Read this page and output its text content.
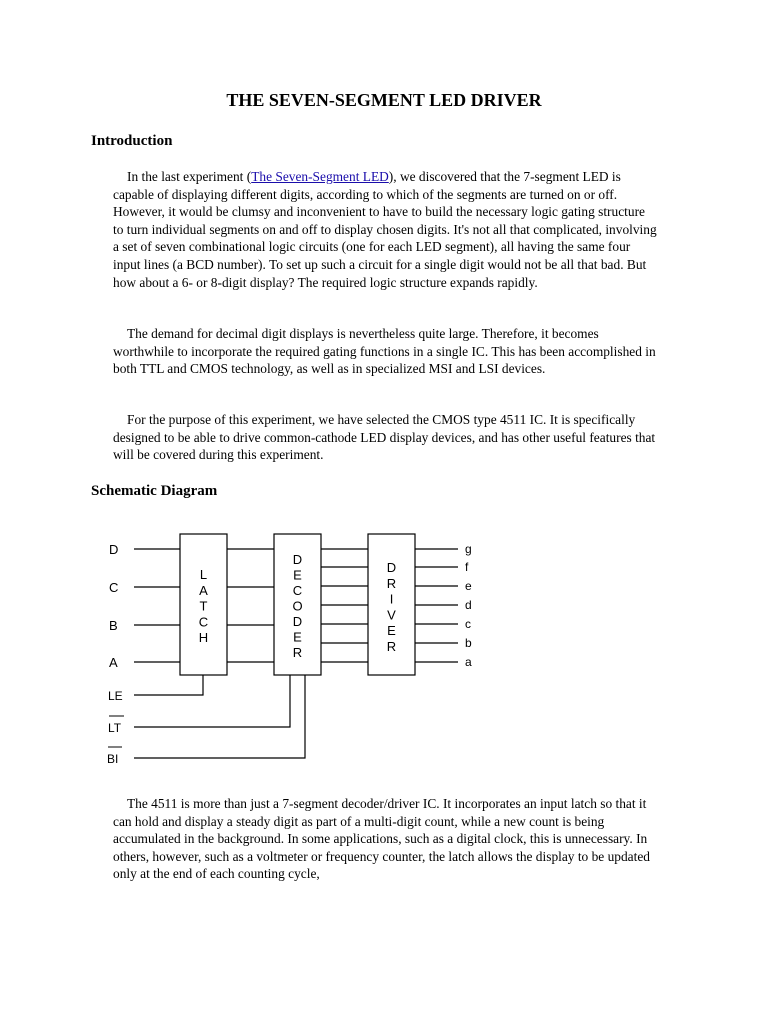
THE SEVEN-SEGMENT LED DRIVER
Introduction

In the last experiment (The Seven-Segment LED), we discovered that the 7-segment LED is capable of displaying different digits, according to which of the segments are turned on or off. However, it would be clumsy and inconvenient to have to build the necessary logic gating structure to turn individual segments on and off to display chosen digits. It's not all that complicated, involving a set of seven combinational logic circuits (one for each LED segment), all having the same four input lines (a BCD number). To set up such a circuit for a single digit would not be all that bad. But how about a 6- or 8-digit display? The required logic structure expands rapidly.

The demand for decimal digit displays is nevertheless quite large. Therefore, it becomes worthwhile to incorporate the required gating functions in a single IC. This has been accomplished in both TTL and CMOS technology, as well as in specialized MSI and LSI devices.

For the purpose of this experiment, we have selected the CMOS type 4511 IC. It is specifically designed to be able to drive common-cathode LED display devices, and has other useful features that will be covered during this experiment.

Schematic Diagram
D
C
B
A
LE
LT
BI
L A T C H
D E C O D E R
D R I V E R
g
f
e
d
c
b
a

The 4511 is more than just a 7-segment decoder/driver IC. It incorporates an input latch so that it can hold and display a steady digit as part of a multi-digit count, while a new count is being accumulated in the background. In some applications, such as a digital clock, this is unnecessary. In others, however, such as a voltmeter or frequency counter, the latch allows the display to be updated only at the end of each counting cycle,
